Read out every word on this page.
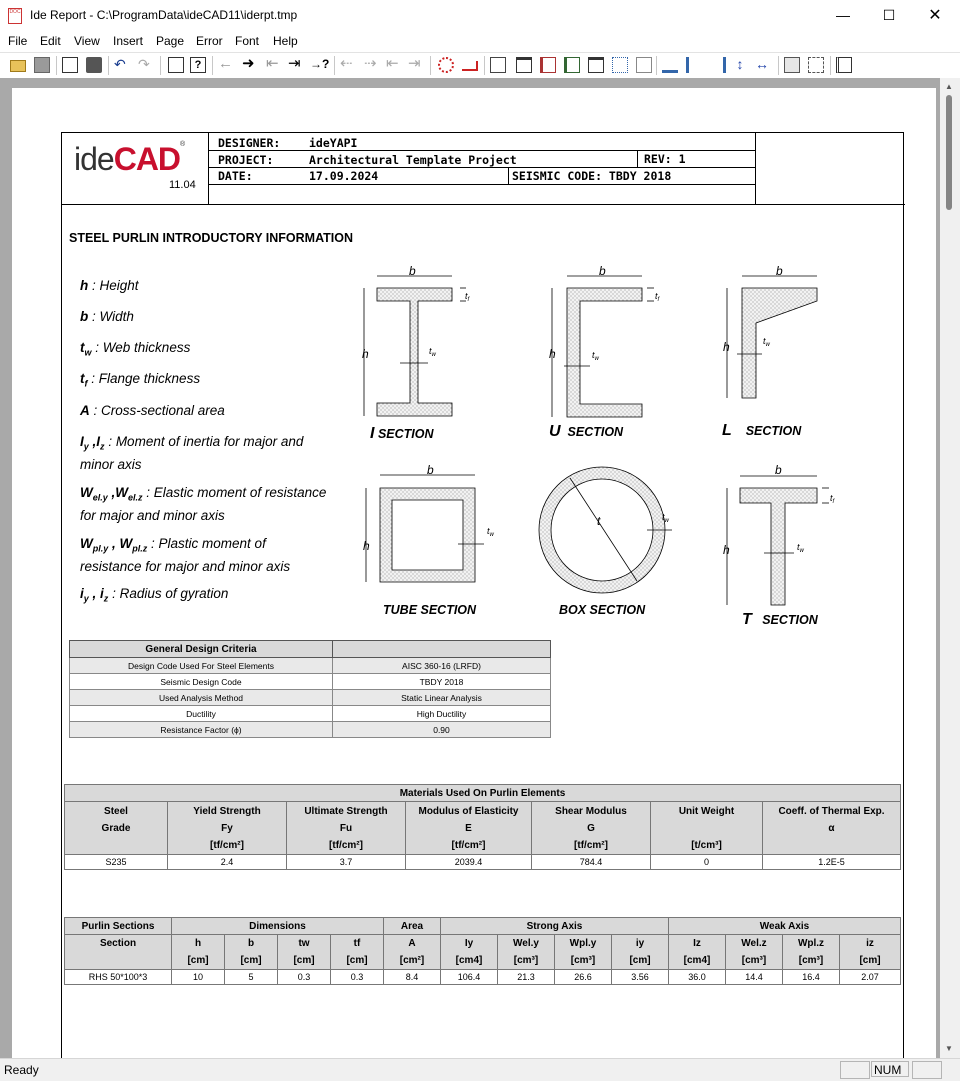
DOC Ide Report - C:\ProgramData\ideCAD11\iderpt.tmp	—	☐	✕
File Edit View Insert Page Error Font Help
↶ ↷	?	← ➜ ⇤ ⇥ →? ⇠ ⇢ ⇤ ⇥	↕ ↔
▲
▼
ideCAD®
11.04
DESIGNER: ideYAPI
PROJECT:	Architectural Template Project	REV: 1
DATE:	17.09.2024	SEISMIC CODE: TBDY 2018
STEEL PURLIN INTRODUCTORY INFORMATION
h : Height
b : Width
$t_w$ : Web thickness
$t_f$ : Flange thickness
A : Cross-sectional area
$I_y$ $,I_z$ : Moment of inertia for major and minor axis
$W_{el.y}$ $,W_{el.z}$ : Elastic moment of resistance for major and minor axis
$W_{pl.y}$ , $W_{pl.z}$ : Plastic moment of resistance for major and minor axis
$i_y$ , $i_z$ : Radius of gyration
b
h
b
h
b
h
b
h
b
h
t
$t_f$	$t_f$
$t_f$
$t_w$	$t_w$
$t_w$
$t_w$
$t_w$
$t_w$
I SECTION	U SECTION	L SECTION
TUBE SECTION	BOX SECTION
T SECTION
General Design Criteria	
Design Code Used For Steel Elements	AISC 360-16 (LRFD)
Seismic Design Code	TBDY 2018
Used Analysis Method	Static Linear Analysis
Ductility	High Ductility
Resistance Factor (ϕ)	0.90
Materials Used On Purlin Elements						
Steel
Grade	Yield Strength
Fy
[tf/cm²]	Ultimate Strength
Fu
[tf/cm²]	Modulus of Elasticity
E
[tf/cm²]	Shear Modulus
G
[tf/cm²]	Unit Weight

[t/cm³]	Coeff. of Thermal Exp.
α

S235	2.4	3.7	2039.4	784.4	0	1.2E-5
Purlin Sections	Dimensions				Area	Strong Axis				Weak Axis			
Section	h
[cm]	b
[cm]	tw
[cm]	tf
[cm]	A
[cm²]	Iy
[cm4]	Wel.y
[cm³]	Wpl.y
[cm³]	iy
[cm]	Iz
[cm4]	Wel.z
[cm³]	Wpl.z
[cm³]	iz
[cm]
RHS 50*100*3	10	5	0.3	0.3	8.4	106.4	21.3	26.6	3.56	36.0	14.4	16.4	2.07
Ready	NUM
